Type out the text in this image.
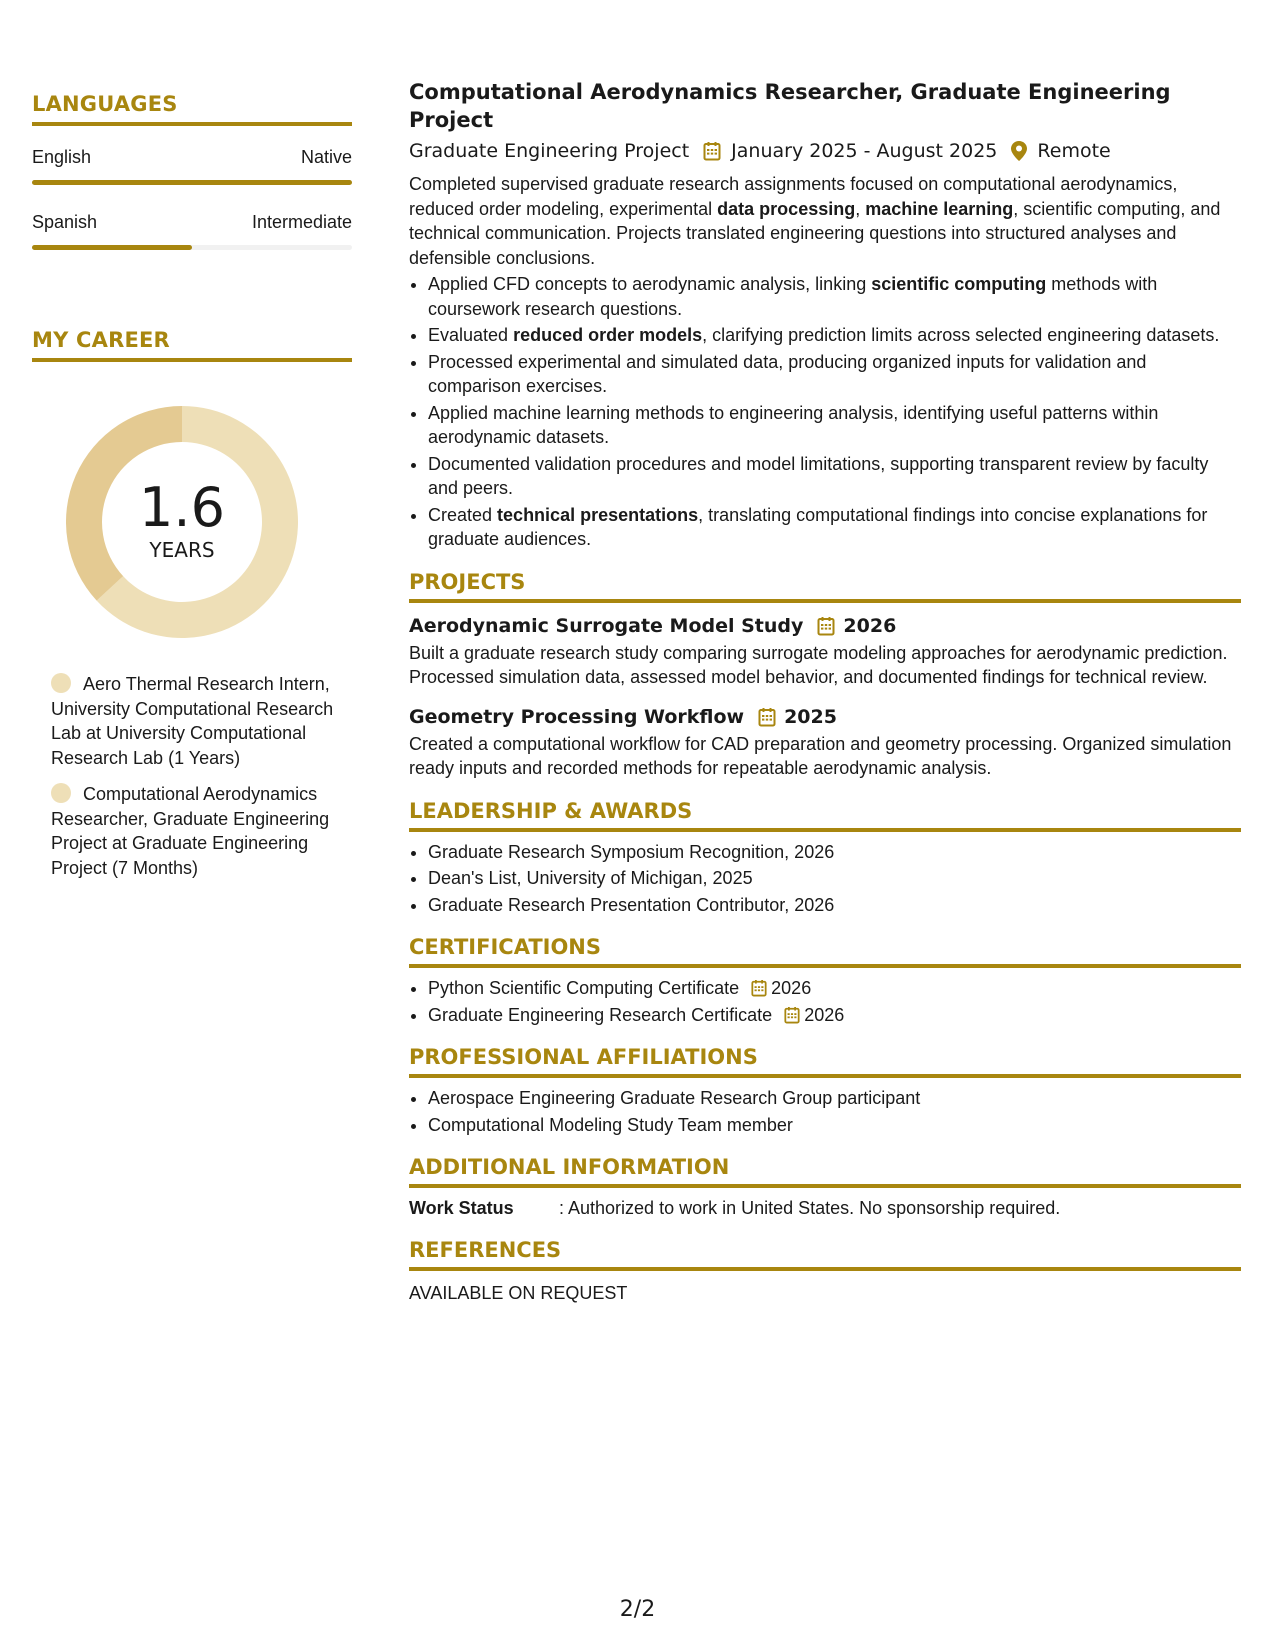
LANGUAGES
English	Native
Spanish	Intermediate
MY CAREER
1.6
YEARS
Aero Thermal Research Intern, University Computational Research Lab at University Computational Research Lab (1 Years)
Computational Aerodynamics Researcher, Graduate Engineering Project at Graduate Engineering Project (7 Months)
Computational Aerodynamics Researcher, Graduate Engineering Project
Graduate Engineering Project January 2025 - August 2025 Remote
Completed supervised graduate research assignments focused on computational aerodynamics, reduced order modeling, experimental data processing, machine learning, scientific computing, and technical communication. Projects translated engineering questions into structured analyses and defensible conclusions.
• Applied CFD concepts to aerodynamic analysis, linking scientific computing methods with coursework research questions.
• Evaluated reduced order models, clarifying prediction limits across selected engineering datasets.
• Processed experimental and simulated data, producing organized inputs for validation and comparison exercises.
• Applied machine learning methods to engineering analysis, identifying useful patterns within aerodynamic datasets.
• Documented validation procedures and model limitations, supporting transparent review by faculty and peers.
• Created technical presentations, translating computational findings into concise explanations for graduate audiences.
PROJECTS
Aerodynamic Surrogate Model Study 2026
Built a graduate research study comparing surrogate modeling approaches for aerodynamic prediction. Processed simulation data, assessed model behavior, and documented findings for technical review.
Geometry Processing Workflow 2025
Created a computational workflow for CAD preparation and geometry processing. Organized simulation ready inputs and recorded methods for repeatable aerodynamic analysis.
LEADERSHIP & AWARDS
• Graduate Research Symposium Recognition, 2026
• Dean's List, University of Michigan, 2025
• Graduate Research Presentation Contributor, 2026
CERTIFICATIONS
• Python Scientific Computing Certificate 2026
• Graduate Engineering Research Certificate 2026
PROFESSIONAL AFFILIATIONS
• Aerospace Engineering Graduate Research Group participant
• Computational Modeling Study Team member
ADDITIONAL INFORMATION
Work Status	: Authorized to work in United States. No sponsorship required.
REFERENCES
AVAILABLE ON REQUEST
2/2
